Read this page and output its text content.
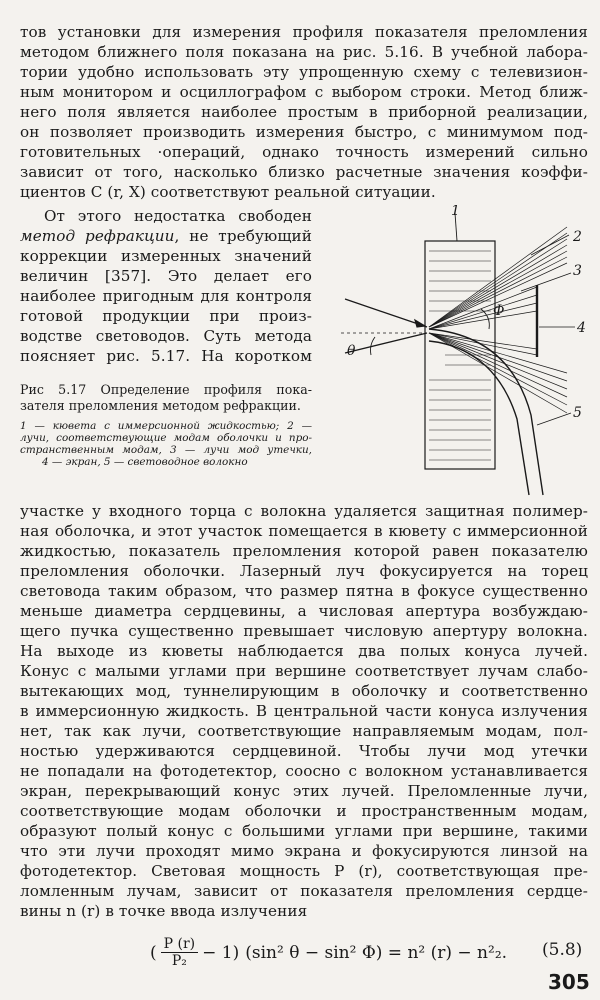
тов установки для измерения профиля показателя преломления
методом ближнего поля показана на рис. 5.16. В учебной лабора-
тории удобно использовать эту упрощенную схему с телевизион-
ным монитором и осциллографом с выбором строки. Метод ближ-
него поля является наиболее простым в приборной реализации,
он позволяет производить измерения быстро, с минимумом под-
готовительных ·операций, однако точность измерений сильно
зависит от того, насколько близко расчетные значения коэффи-
циентов C (r, X) соответствуют реальной ситуации.
От этого недостатка свободен
метод рефракции, не требующий
коррекции измеренных значений
величин [357]. Это делает его
наиболее пригодным для контроля
готовой продукции при произ-
водстве световодов. Суть метода
поясняет рис. 5.17. На коротком
Рис 5.17 Определение профиля пока-
зателя преломления методом рефракции.
1 — кювета с иммерсионной жидкостью; 2 —
лучи, соответствующие модам оболочки и про-
странственным модам, 3 — лучи мод утечки,
4 — экран, 5 — световодное волокно
1
2
3
4
5
Φ
θ
участке у входного торца с волокна удаляется защитная полимер-
ная оболочка, и этот участок помещается в кювету с иммерсионной
жидкостью, показатель преломления которой равен показателю
преломления оболочки. Лазерный луч фокусируется на торец
световода таким образом, что размер пятна в фокусе существенно
меньше диаметра сердцевины, а числовая апертура возбуждаю-
щего пучка существенно превышает числовую апертуру волокна.
На выходе из кюветы наблюдается два полых конуса лучей.
Конус с малыми углами при вершине соответствует лучам слабо-
вытекающих мод, туннелирующим в оболочку и соответственно
в иммерсионную жидкость. В центральной части конуса излучения
нет, так как лучи, соответствующие направляемым модам, пол-
ностью удерживаются сердцевиной. Чтобы лучи мод утечки
не попадали на фотодетектор, соосно с волокном устанавливается
экран, перекрывающий конус этих лучей. Преломленные лучи,
соответствующие модам оболочки и пространственным модам,
образуют полый конус с большими углами при вершине, такими
что эти лучи проходят мимо экрана и фокусируются линзой на
фотодетектор. Световая мощность P (r), соответствующая пре-
ломленным лучам, зависит от показателя преломления сердце-
вины n (r) в точке ввода излучения
( $\frac{P (r)}{\text{P₂}} - 1$) (sin² θ − sin² Φ) = n² (r) − n²₂. (5.8)
305
